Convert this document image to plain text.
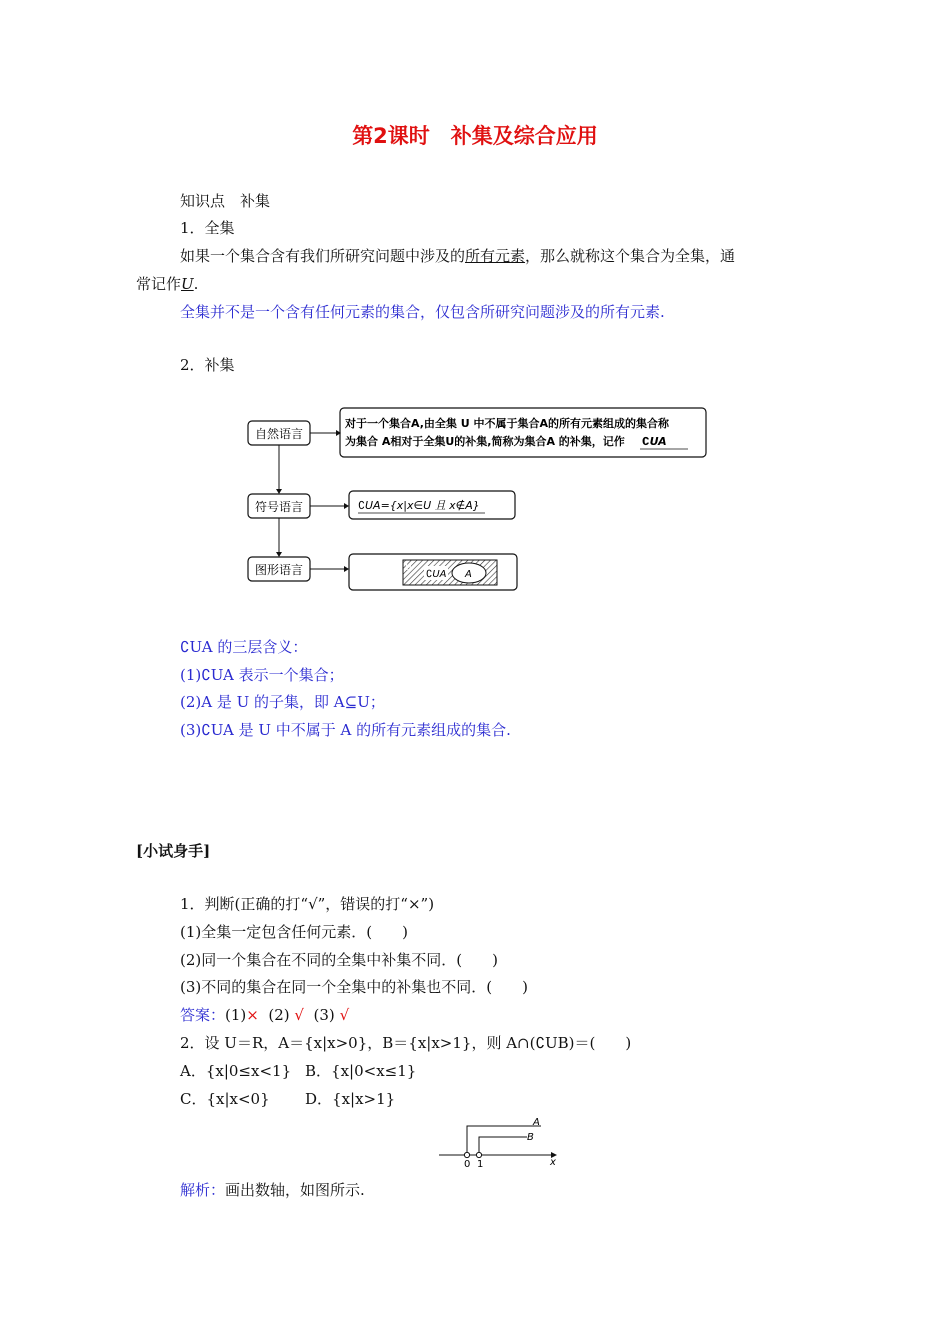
第2课时　补集及综合应用
知识点　补集
1．全集
如果一个集合含有我们所研究问题中涉及的所有元素，那么就称这个集合为全集，通
常记作U.
全集并不是一个含有任何元素的集合，仅包含所研究问题涉及的所有元素.
2．补集
自然语言
对于一个集合A,由全集 U 中不属于集合A的所有元素组成的集合称
为集合 A相对于全集U的补集,简称为集合A 的补集，记作
符号语言	∁UA={x|x∈U 且 x∉A}
图形语言	U
∁UA A
∁UA 的三层含义：
(1)∁UA 表示一个集合；
(2)A 是 U 的子集，即 A⊆U；
(3)∁UA 是 U 中不属于 A 的所有元素组成的集合.
[小试身手]
1．判断(正确的打“√”，错误的打“×”)
(1)全集一定包含任何元素．(　　)
(2)同一个集合在不同的全集中补集不同．(　　)
(3)不同的集合在同一个全集中的补集也不同．(　　)
答案：(1)× (2) √ (3) √
2．设 U＝R，A＝{x|x>0}，B＝{x|x>1}，则 A∩(∁UB)＝(　　)
A．{x|0≤x<1} B．{x|0<x≤1}
C．{x|x<0} D．{x|x>1}
A
B
0 1	x
解析：画出数轴，如图所示.
∁UA
